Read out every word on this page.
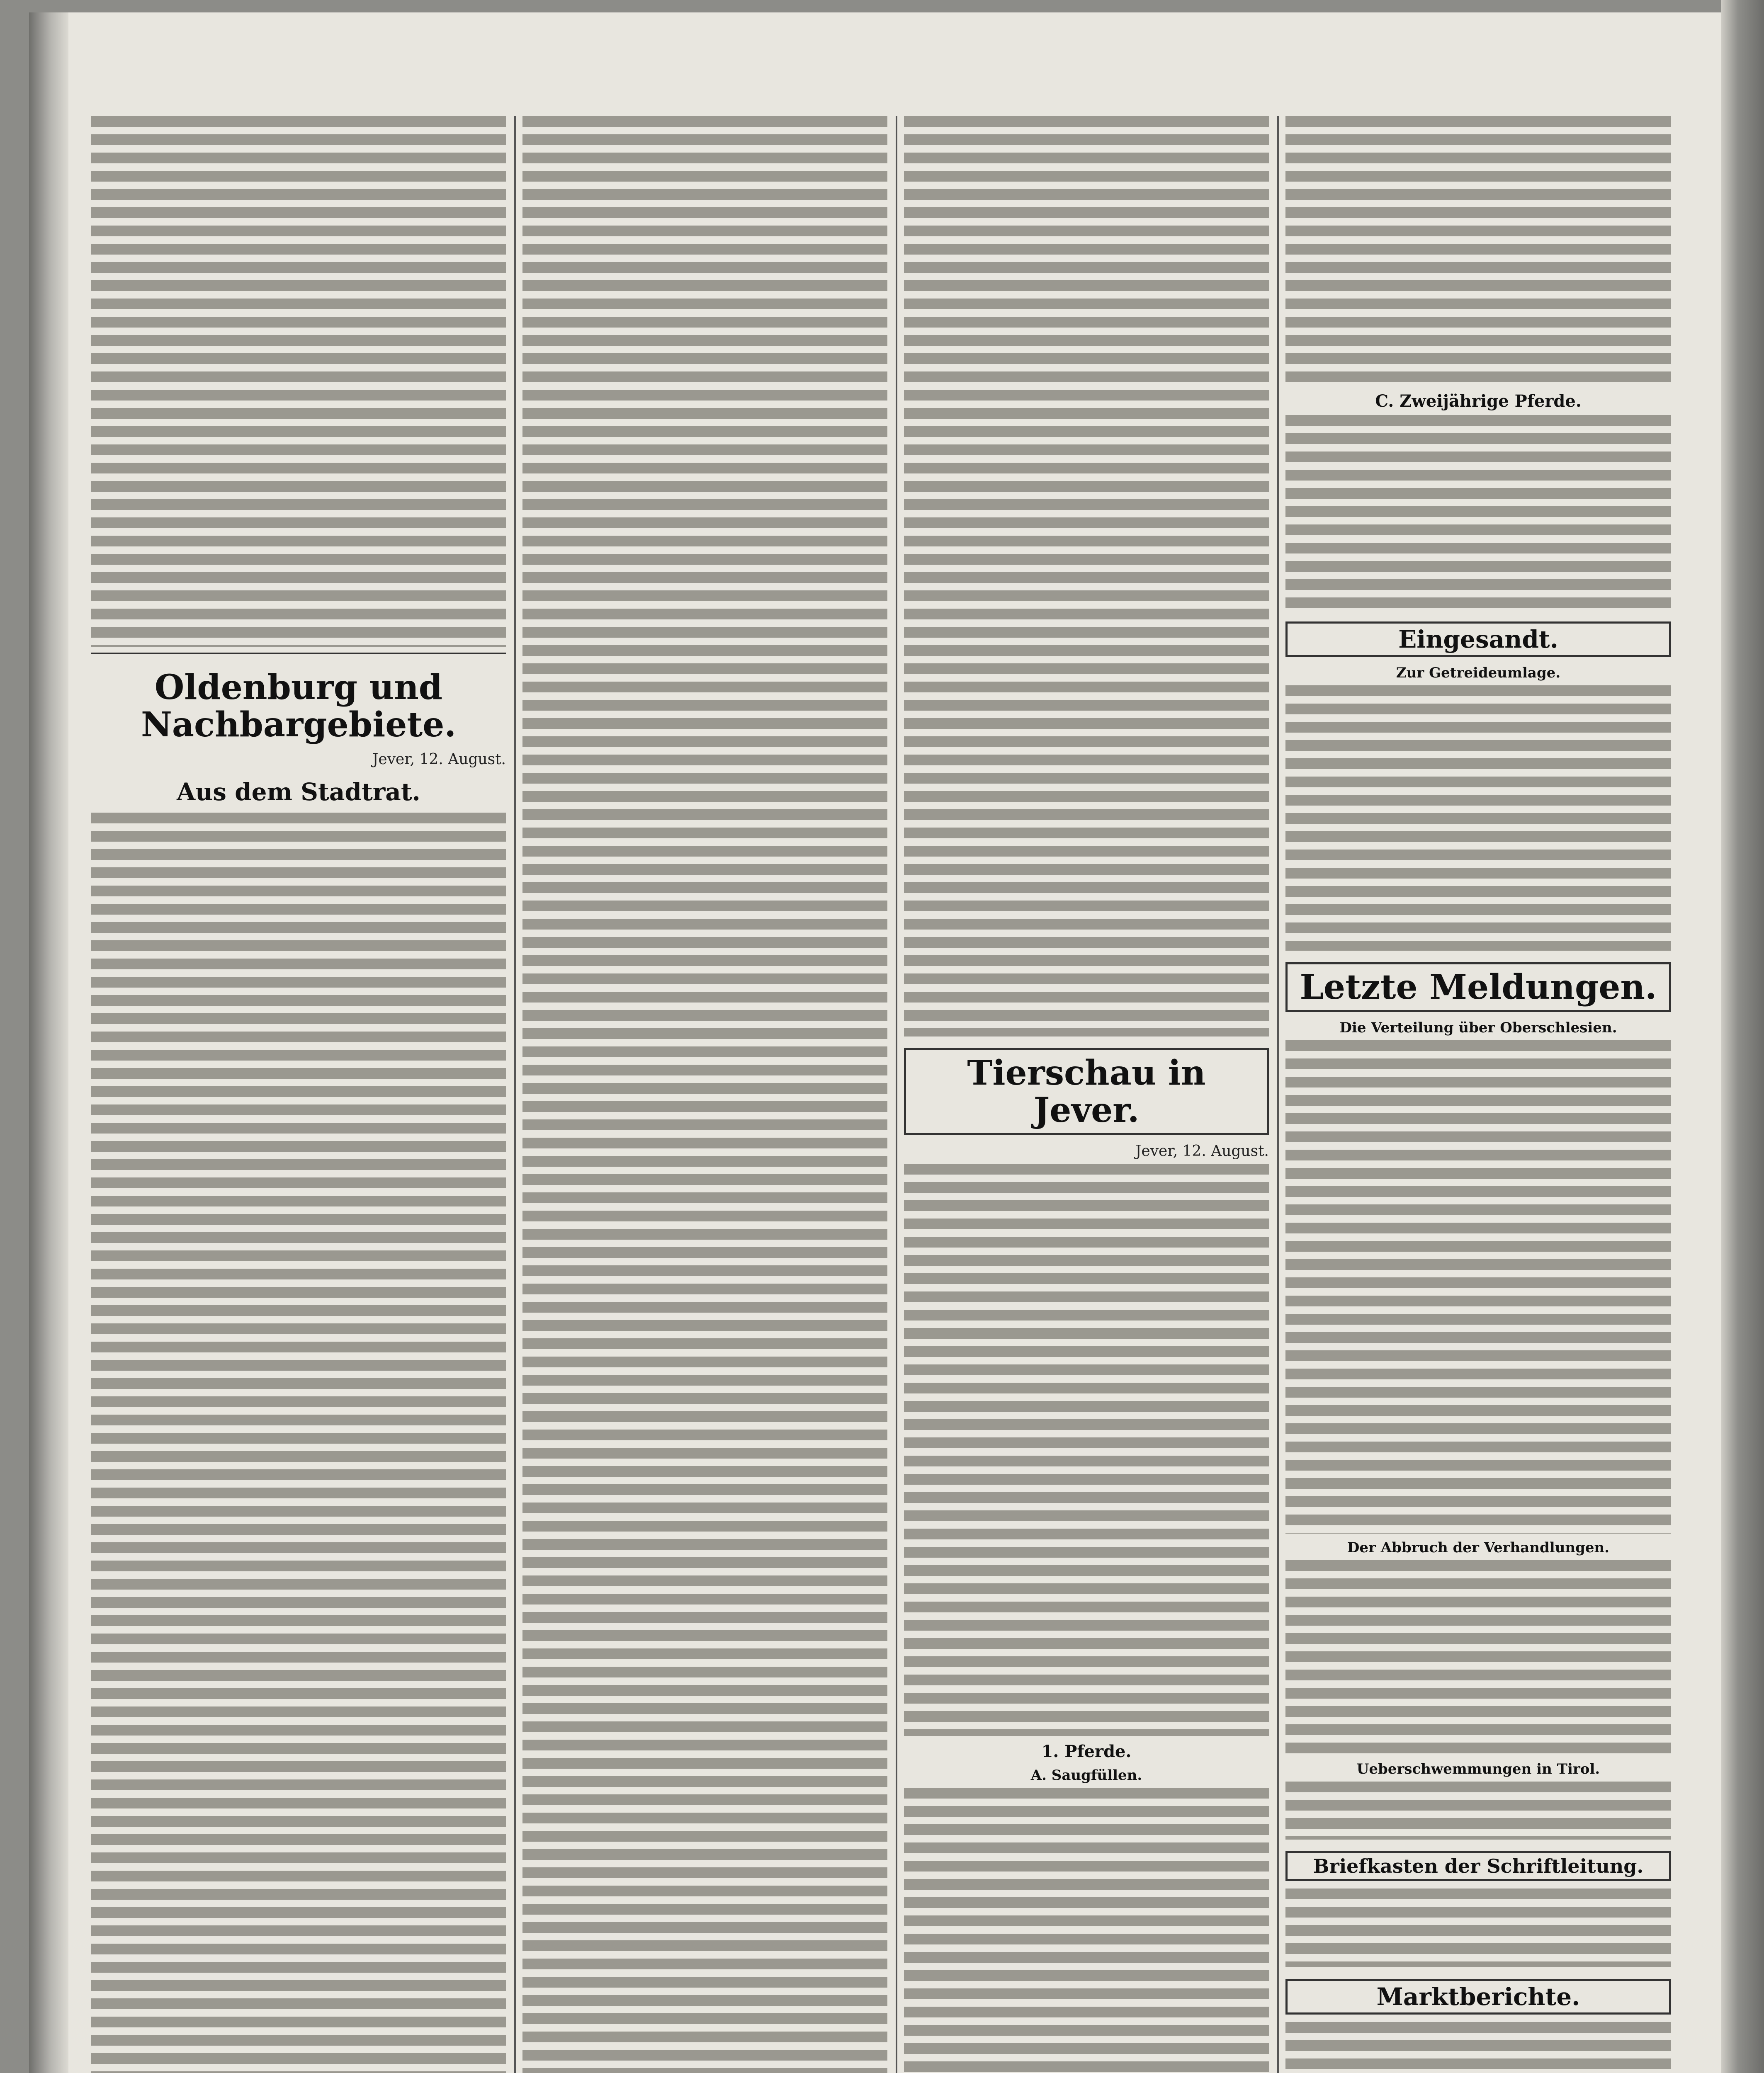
Oldenburg und Nachbargebiete.
Jever, 12. August.
Aus dem Stadtrat.
Tierschau in Jever.
Jever, 12. August.
1. Pferde.
A. Saugfüllen.
C. Zweijährige Pferde.
Eingesandt.
Zur Getreideumlage.
Letzte Meldungen.
Die Verteilung über Oberschlesien.
Der Abbruch der Verhandlungen.
Ueberschwemmungen in Tirol.
Briefkasten der Schriftleitung.
Marktberichte.
